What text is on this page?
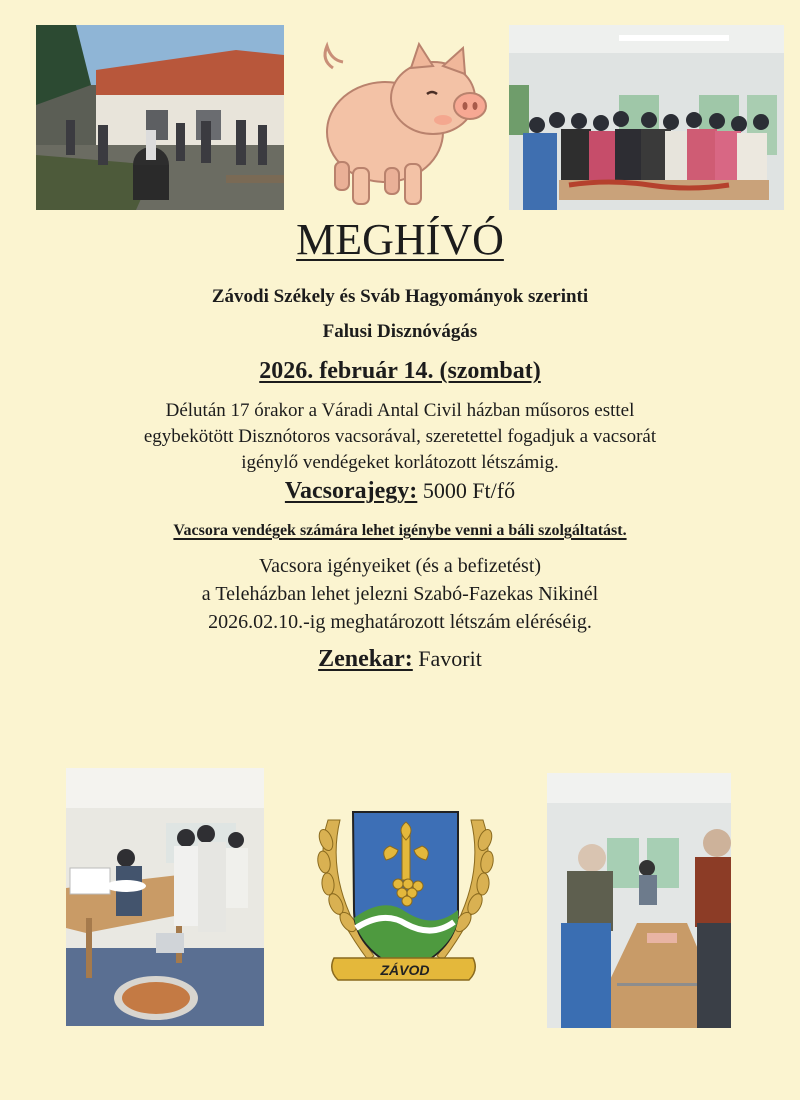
MEGHÍVÓ
Závodi Székely és Sváb Hagyományok szerinti
Falusi Disznóvágás
2026. február 14. (szombat)
Délután 17 órakor a Váradi Antal Civil házban műsoros esttel
egybekötött Disznótoros vacsorával, szeretettel fogadjuk a vacsorát
igénylő vendégeket korlátozott létszámig.
Vacsorajegy: 5000 Ft/fő
Vacsora vendégek számára lehet igénybe venni a báli szolgáltatást.
Vacsora igényeiket (és a befizetést)
a Teleházban lehet jelezni Szabó-Fazekas Nikinél
2026.02.10.-ig meghatározott létszám eléréséig.
Zenekar: Favorit
ZÁVOD
